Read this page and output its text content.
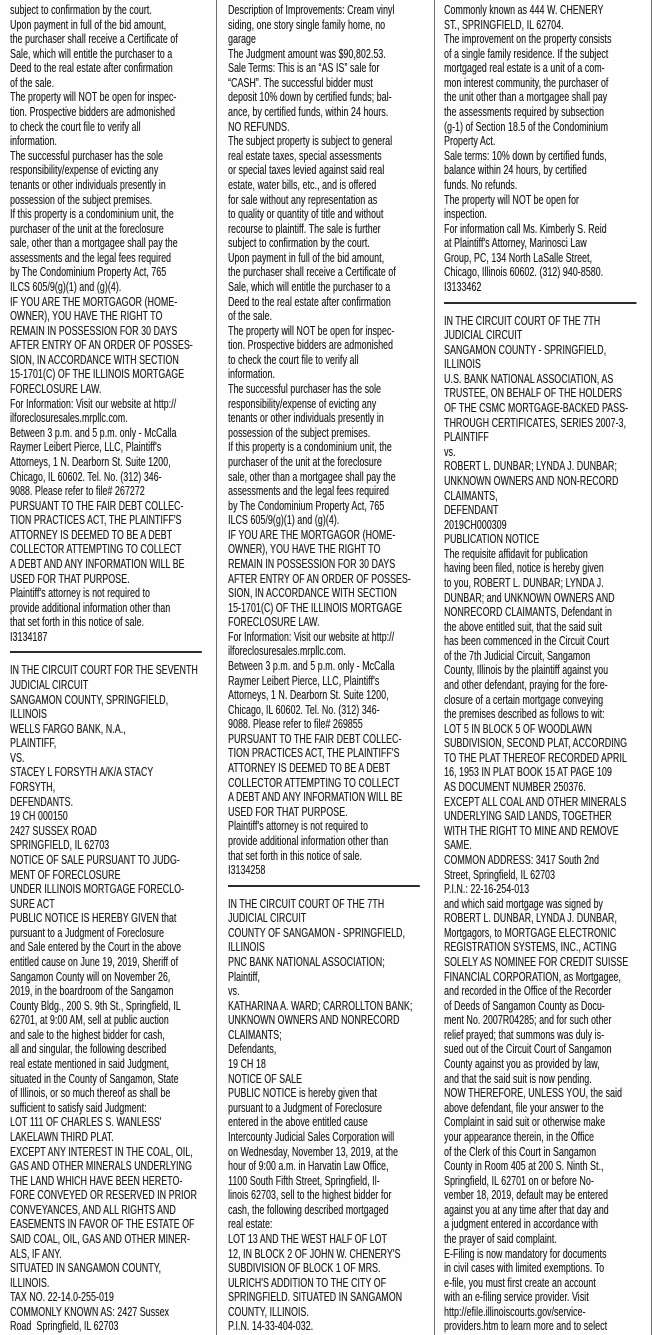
subject to confirmation by the court.
Upon payment in full of the bid amount,
the purchaser shall receive a Certificate of
Sale, which will entitle the purchaser to a
Deed to the real estate after confirmation
of the sale.
The property will NOT be open for inspec-
tion. Prospective bidders are admonished
to check the court file to verify all
information.
The successful purchaser has the sole
responsibility/expense of evicting any
tenants or other individuals presently in
possession of the subject premises.
If this property is a condominium unit, the
purchaser of the unit at the foreclosure
sale, other than a mortgagee shall pay the
assessments and the legal fees required
by The Condominium Property Act, 765
ILCS 605/9(g)(1) and (g)(4).
IF YOU ARE THE MORTGAGOR (HOME-
OWNER), YOU HAVE THE RIGHT TO
REMAIN IN POSSESSION FOR 30 DAYS
AFTER ENTRY OF AN ORDER OF POSSES-
SION, IN ACCORDANCE WITH SECTION
15-1701(C) OF THE ILLINOIS MORTGAGE
FORECLOSURE LAW.
For Information: Visit our website at http://
ilforeclosuresales.mrpllc.com.
Between 3 p.m. and 5 p.m. only - McCalla
Raymer Leibert Pierce, LLC, Plaintiff's
Attorneys, 1 N. Dearborn St. Suite 1200,
Chicago, IL 60602. Tel. No. (312) 346-
9088. Please refer to file# 267272
PURSUANT TO THE FAIR DEBT COLLEC-
TION PRACTICES ACT, THE PLAINTIFF'S
ATTORNEY IS DEEMED TO BE A DEBT
COLLECTOR ATTEMPTING TO COLLECT
A DEBT AND ANY INFORMATION WILL BE
USED FOR THAT PURPOSE.
Plaintiff's attorney is not required to
provide additional information other than
that set forth in this notice of sale.
I3134187
IN THE CIRCUIT COURT FOR THE SEVENTH
JUDICIAL CIRCUIT
SANGAMON COUNTY, SPRINGFIELD,
ILLINOIS
WELLS FARGO BANK, N.A.,
PLAINTIFF,
VS.
STACEY L FORSYTH A/K/A STACY
FORSYTH,
DEFENDANTS.
19 CH 000150
2427 SUSSEX ROAD
SPRINGFIELD, IL 62703
NOTICE OF SALE PURSUANT TO JUDG-
MENT OF FORECLOSURE
UNDER ILLINOIS MORTGAGE FORECLO-
SURE ACT
PUBLIC NOTICE IS HEREBY GIVEN that
pursuant to a Judgment of Foreclosure
and Sale entered by the Court in the above
entitled cause on June 19, 2019, Sheriff of
Sangamon County will on November 26,
2019, in the boardroom of the Sangamon
County Bldg., 200 S. 9th St., Springfield, IL
62701, at 9:00 AM, sell at public auction
and sale to the highest bidder for cash,
all and singular, the following described
real estate mentioned in said Judgment,
situated in the County of Sangamon, State
of Illinois, or so much thereof as shall be
sufficient to satisfy said Judgment:
LOT 111 OF CHARLES S. WANLESS'
LAKELAWN THIRD PLAT.
EXCEPT ANY INTEREST IN THE COAL, OIL,
GAS AND OTHER MINERALS UNDERLYING
THE LAND WHICH HAVE BEEN HERETO-
FORE CONVEYED OR RESERVED IN PRIOR
CONVEYANCES, AND ALL RIGHTS AND
EASEMENTS IN FAVOR OF THE ESTATE OF
SAID COAL, OIL, GAS AND OTHER MINER-
ALS, IF ANY.
SITUATED IN SANGAMON COUNTY,
ILLINOIS.
TAX NO. 22-14.0-255-019
COMMONLY KNOWN AS: 2427 Sussex
Road  Springfield, IL 62703
Description of Improvements: Cream vinyl
siding, one story single family home, no
garage
The Judgment amount was $90,802.53.
Sale Terms: This is an “AS IS” sale for
“CASH”. The successful bidder must
deposit 10% down by certified funds; bal-
ance, by certified funds, within 24 hours.
NO REFUNDS.
The subject property is subject to general
real estate taxes, special assessments
or special taxes levied against said real
estate, water bills, etc., and is offered
for sale without any representation as
to quality or quantity of title and without
recourse to plaintiff. The sale is further
subject to confirmation by the court.
Upon payment in full of the bid amount,
the purchaser shall receive a Certificate of
Sale, which will entitle the purchaser to a
Deed to the real estate after confirmation
of the sale.
The property will NOT be open for inspec-
tion. Prospective bidders are admonished
to check the court file to verify all
information.
The successful purchaser has the sole
responsibility/expense of evicting any
tenants or other individuals presently in
possession of the subject premises.
If this property is a condominium unit, the
purchaser of the unit at the foreclosure
sale, other than a mortgagee shall pay the
assessments and the legal fees required
by The Condominium Property Act, 765
ILCS 605/9(g)(1) and (g)(4).
IF YOU ARE THE MORTGAGOR (HOME-
OWNER), YOU HAVE THE RIGHT TO
REMAIN IN POSSESSION FOR 30 DAYS
AFTER ENTRY OF AN ORDER OF POSSES-
SION, IN ACCORDANCE WITH SECTION
15-1701(C) OF THE ILLINOIS MORTGAGE
FORECLOSURE LAW.
For Information: Visit our website at http://
ilforeclosuresales.mrpllc.com.
Between 3 p.m. and 5 p.m. only - McCalla
Raymer Leibert Pierce, LLC, Plaintiff's
Attorneys, 1 N. Dearborn St. Suite 1200,
Chicago, IL 60602. Tel. No. (312) 346-
9088. Please refer to file# 269855
PURSUANT TO THE FAIR DEBT COLLEC-
TION PRACTICES ACT, THE PLAINTIFF'S
ATTORNEY IS DEEMED TO BE A DEBT
COLLECTOR ATTEMPTING TO COLLECT
A DEBT AND ANY INFORMATION WILL BE
USED FOR THAT PURPOSE.
Plaintiff's attorney is not required to
provide additional information other than
that set forth in this notice of sale.
I3134258
IN THE CIRCUIT COURT OF THE 7TH
JUDICIAL CIRCUIT
COUNTY OF SANGAMON - SPRINGFIELD,
ILLINOIS
PNC BANK NATIONAL ASSOCIATION;
Plaintiff,
vs.
KATHARINA A. WARD; CARROLLTON BANK;
UNKNOWN OWNERS AND NONRECORD
CLAIMANTS;
Defendants,
19 CH 18
NOTICE OF SALE
PUBLIC NOTICE is hereby given that
pursuant to a Judgment of Foreclosure
entered in the above entitled cause
Intercounty Judicial Sales Corporation will
on Wednesday, November 13, 2019, at the
hour of 9:00 a.m. in Harvatin Law Office,
1100 South Fifth Street, Springfield, Il-
linois 62703, sell to the highest bidder for
cash, the following described mortgaged
real estate:
LOT 13 AND THE WEST HALF OF LOT
12, IN BLOCK 2 OF JOHN W. CHENERY'S
SUBDIVISION OF BLOCK 1 OF MRS.
ULRICH'S ADDITION TO THE CITY OF
SPRINGFIELD. SITUATED IN SANGAMON
COUNTY, ILLINOIS.
P.I.N. 14-33-404-032.
Commonly known as 444 W. CHENERY
ST., SPRINGFIELD, IL 62704.
The improvement on the property consists
of a single family residence. If the subject
mortgaged real estate is a unit of a com-
mon interest community, the purchaser of
the unit other than a mortgagee shall pay
the assessments required by subsection
(g-1) of Section 18.5 of the Condominium
Property Act.
Sale terms: 10% down by certified funds,
balance within 24 hours, by certified
funds. No refunds.
The property will NOT be open for
inspection.
For information call Ms. Kimberly S. Reid
at Plaintiff's Attorney, Marinosci Law
Group, PC, 134 North LaSalle Street,
Chicago, Illinois 60602. (312) 940-8580.
I3133462
IN THE CIRCUIT COURT OF THE 7TH
JUDICIAL CIRCUIT
SANGAMON COUNTY - SPRINGFIELD,
ILLINOIS
U.S. BANK NATIONAL ASSOCIATION, AS
TRUSTEE, ON BEHALF OF THE HOLDERS
OF THE CSMC MORTGAGE-BACKED PASS-
THROUGH CERTIFICATES, SERIES 2007-3,
PLAINTIFF
vs.
ROBERT L. DUNBAR; LYNDA J. DUNBAR;
UNKNOWN OWNERS AND NON-RECORD
CLAIMANTS,
DEFENDANT
2019CH000309
PUBLICATION NOTICE
The requisite affidavit for publication
having been filed, notice is hereby given
to you, ROBERT L. DUNBAR; LYNDA J.
DUNBAR; and UNKNOWN OWNERS AND
NONRECORD CLAIMANTS, Defendant in
the above entitled suit, that the said suit
has been commenced in the Circuit Court
of the 7th Judicial Circuit, Sangamon
County, Illinois by the plaintiff against you
and other defendant, praying for the fore-
closure of a certain mortgage conveying
the premises described as follows to wit:
LOT 5 IN BLOCK 5 OF WOODLAWN
SUBDIVISION, SECOND PLAT, ACCORDING
TO THE PLAT THEREOF RECORDED APRIL
16, 1953 IN PLAT BOOK 15 AT PAGE 109
AS DOCUMENT NUMBER 250376.
EXCEPT ALL COAL AND OTHER MINERALS
UNDERLYING SAID LANDS, TOGETHER
WITH THE RIGHT TO MINE AND REMOVE
SAME.
COMMON ADDRESS: 3417 South 2nd
Street, Springfield, IL 62703
P.I.N.: 22-16-254-013
and which said mortgage was signed by
ROBERT L. DUNBAR, LYNDA J. DUNBAR,
Mortgagors, to MORTGAGE ELECTRONIC
REGISTRATION SYSTEMS, INC., ACTING
SOLELY AS NOMINEE FOR CREDIT SUISSE
FINANCIAL CORPORATION, as Mortgagee,
and recorded in the Office of the Recorder
of Deeds of Sangamon County as Docu-
ment No. 2007R04285; and for such other
relief prayed; that summons was duly is-
sued out of the Circuit Court of Sangamon
County against you as provided by law,
and that the said suit is now pending.
NOW THEREFORE, UNLESS YOU, the said
above defendant, file your answer to the
Complaint in said suit or otherwise make
your appearance therein, in the Office
of the Clerk of this Court in Sangamon
County in Room 405 at 200 S. Ninth St.,
Springfield, IL 62701 on or before No-
vember 18, 2019, default may be entered
against you at any time after that day and
a judgment entered in accordance with
the prayer of said complaint.
E-Filing is now mandatory for documents
in civil cases with limited exemptions. To
e-file, you must first create an account
with an e-filing service provider. Visit
http://efile.illinoiscourts.gov/service-
providers.htm to learn more and to select
